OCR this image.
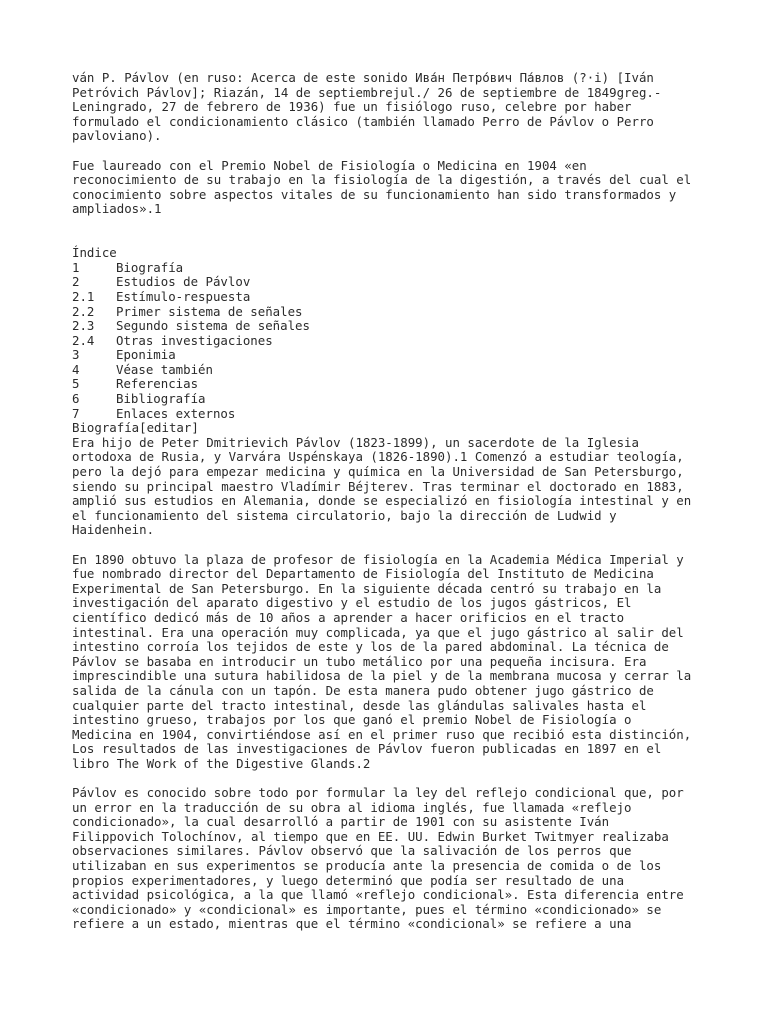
ván P. Pávlov (en ruso: Acerca de este sonido Ива́н Петро́вич Па́влов (?·i) [Iván

Petróvich Pávlov]; Riazán, 14 de septiembrejul./ 26 de septiembre de 1849greg.-

Leningrado, 27 de febrero de 1936) fue un fisiólogo ruso, celebre por haber

formulado el condicionamiento clásico (también llamado Perro de Pávlov o Perro

pavloviano).

Fue laureado con el Premio Nobel de Fisiología o Medicina en 1904 «en

reconocimiento de su trabajo en la fisiología de la digestión, a través del cual el

conocimiento sobre aspectos vitales de su funcionamiento han sido transformados y

ampliados».1

Índice

1	Biografía
2	Estudios de Pávlov
2.1	Estímulo-respuesta
2.2	Primer sistema de señales
2.3	Segundo sistema de señales
2.4	Otras investigaciones
3	Eponimia
4	Véase también
5	Referencias
6	Bibliografía
7	Enlaces externos

Biografía[editar]

Era hijo de Peter Dmitrievich Pávlov (1823-1899), un sacerdote de la Iglesia

ortodoxa de Rusia, y Varvára Uspénskaya (1826-1890).1 Comenzó a estudiar teología,

pero la dejó para empezar medicina y química en la Universidad de San Petersburgo,

siendo su principal maestro Vladímir Béjterev. Tras terminar el doctorado en 1883,

amplió sus estudios en Alemania, donde se especializó en fisiología intestinal y en

el funcionamiento del sistema circulatorio, bajo la dirección de Ludwid y

Haidenhein.

En 1890 obtuvo la plaza de profesor de fisiología en la Academia Médica Imperial y

fue nombrado director del Departamento de Fisiología del Instituto de Medicina

Experimental de San Petersburgo. En la siguiente década centró su trabajo en la

investigación del aparato digestivo y el estudio de los jugos gástricos, El

científico dedicó más de 10 años a aprender a hacer orificios en el tracto

intestinal. Era una operación muy complicada, ya que el jugo gástrico al salir del

intestino corroía los tejidos de este y los de la pared abdominal. La técnica de

Pávlov se basaba en introducir un tubo metálico por una pequeña incisura. Era

imprescindible una sutura habilidosa de la piel y de la membrana mucosa y cerrar la

salida de la cánula con un tapón. De esta manera pudo obtener jugo gástrico de

cualquier parte del tracto intestinal, desde las glándulas salivales hasta el

intestino grueso, trabajos por los que ganó el premio Nobel de Fisiología o

Medicina en 1904, convirtiéndose así en el primer ruso que recibió esta distinción,

Los resultados de las investigaciones de Pávlov fueron publicadas en 1897 en el

libro The Work of the Digestive Glands.2

Pávlov es conocido sobre todo por formular la ley del reflejo condicional que, por

un error en la traducción de su obra al idioma inglés, fue llamada «reflejo

condicionado», la cual desarrolló a partir de 1901 con su asistente Iván

Filippovich Tolochínov, al tiempo que en EE. UU. Edwin Burket Twitmyer realizaba

observaciones similares. Pávlov observó que la salivación de los perros que

utilizaban en sus experimentos se producía ante la presencia de comida o de los

propios experimentadores, y luego determinó que podía ser resultado de una

actividad psicológica, a la que llamó «reflejo condicional». Esta diferencia entre

«condicionado» y «condicional» es importante, pues el término «condicionado» se

refiere a un estado, mientras que el término «condicional» se refiere a una
